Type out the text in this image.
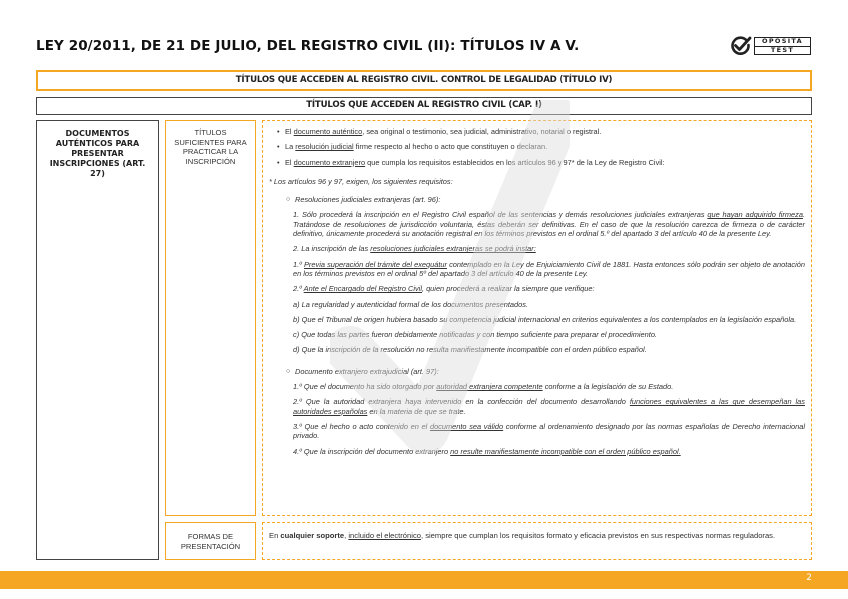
LEY 20/2011, DE 21 DE JULIO, DEL REGISTRO CIVIL (II): TÍTULOS IV A V.	OPOSITA
TEST
TÍTULOS QUE ACCEDEN AL REGISTRO CIVIL. CONTROL DE LEGALIDAD (TÍTULO IV)
TÍTULOS QUE ACCEDEN AL REGISTRO CIVIL (CAP. I)
DOCUMENTOS AUTÉNTICOS PARA PRESENTAR INSCRIPCIONES (ART. 27)
TÍTULOS SUFICIENTES PARA PRACTICAR LA INSCRIPCIÓN
FORMAS DE PRESENTACIÓN
• El documento auténtico, sea original o testimonio, sea judicial, administrativo, notarial o registral.
• La resolución judicial firme respecto al hecho o acto que constituyen o declaran.
• El documento extranjero que cumpla los requisitos establecidos en los artículos 96 y 97* de la Ley de Registro Civil:
* Los artículos 96 y 97, exigen, los siguientes requisitos:
○ Resoluciones judiciales extranjeras (art. 96):
1. Sólo procederá la inscripción en el Registro Civil español de las sentencias y demás resoluciones judiciales extranjeras que hayan adquirido firmeza. Tratándose de resoluciones de jurisdicción voluntaria, éstas deberán ser definitivas. En el caso de que la resolución carezca de firmeza o de carácter definitivo, únicamente procederá su anotación registral en los términos previstos en el ordinal 5.º del apartado 3 del artículo 40 de la presente Ley.
2. La inscripción de las resoluciones judiciales extranjeras se podrá instar:
1.º Previa superación del trámite del exequátur contemplado en la Ley de Enjuiciamiento Civil de 1881. Hasta entonces sólo podrán ser objeto de anotación en los términos previstos en el ordinal 5º del apartado 3 del artículo 40 de la presente Ley.
2.º Ante el Encargado del Registro Civil, quien procederá a realizar la siempre que verifique:
a) La regularidad y autenticidad formal de los documentos presentados.
b) Que el Tribunal de origen hubiera basado su competencia judicial internacional en criterios equivalentes a los contemplados en la legislación española.
c) Que todas las partes fueron debidamente notificadas y con tiempo suficiente para preparar el procedimiento.
d) Que la inscripción de la resolución no resulta manifiestamente incompatible con el orden público español.
○ Documento extranjero extrajudicial (art. 97):
1.º Que el documento ha sido otorgado por autoridad extranjera competente conforme a la legislación de su Estado.
2.º Que la autoridad extranjera haya intervenido en la confección del documento desarrollando funciones equivalentes a las que desempeñan las autoridades españolas en la materia de que se trate.
3.º Que el hecho o acto contenido en el documento sea válido conforme al ordenamiento designado por las normas españolas de Derecho internacional privado.
4.º Que la inscripción del documento extranjero no resulte manifiestamente incompatible con el orden público español.
En cualquier soporte, incluido el electrónico, siempre que cumplan los requisitos formato y eficacia previstos en sus respectivas normas reguladoras.
2
